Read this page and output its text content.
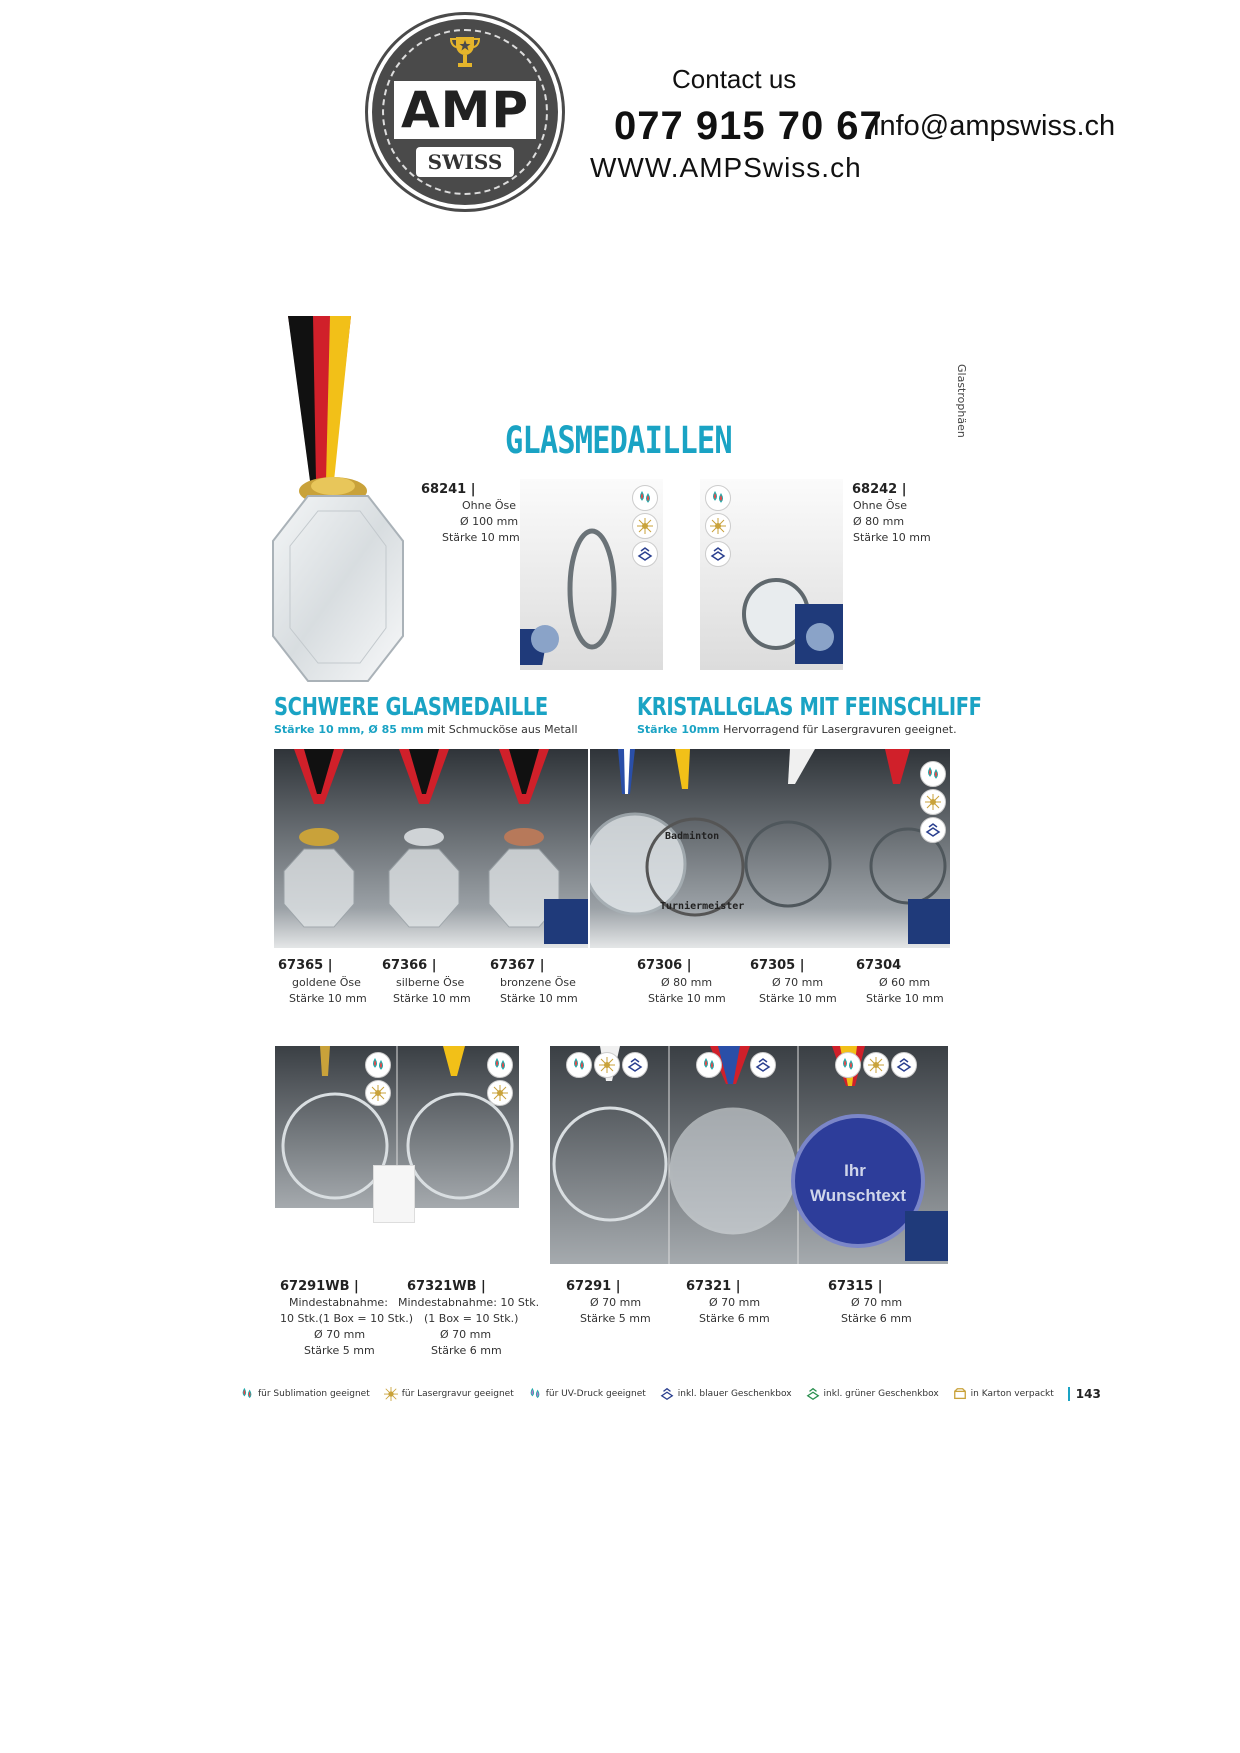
AMP
SWISS
Contact us
077 915 70 67
info@ampswiss.ch
WWW.AMPSwiss.ch
Glastrophäen
GLASMEDAILLEN
68241 |
Ohne Öse
Ø 100 mm
Stärke 10 mm
68242 |
Ohne Öse
Ø 80 mm
Stärke 10 mm
SCHWERE GLASMEDAILLE
Stärke 10 mm, Ø 85 mm mit Schmucköse aus Metall
67365 |
goldene Öse
Stärke 10 mm
67366 |
silberne Öse
Stärke 10 mm
67367 |
bronzene Öse
Stärke 10 mm
KRISTALLGLAS MIT FEINSCHLIFF
Stärke 10mm Hervorragend für Lasergravuren geeignet.
Badminton
Turniermeister
67306 |
Ø 80 mm
Stärke 10 mm
67305 |
Ø 70 mm
Stärke 10 mm
67304
Ø 60 mm
Stärke 10 mm
67291WB |
Mindestabnahme:
10 Stk.(1 Box = 10 Stk.)
Ø 70 mm
Stärke 5 mm
67321WB |
Mindestabnahme: 10 Stk.
(1 Box = 10 Stk.)
Ø 70 mm
Stärke 6 mm
Ihr
Wunschtext
67291 |
Ø 70 mm
Stärke 5 mm
67321 |
Ø 70 mm
Stärke 6 mm
67315 |
Ø 70 mm
Stärke 6 mm
für Sublimation geeignet	für Lasergravur geeignet	für UV-Druck geeignet	inkl. blauer Geschenkbox	inkl. grüner Geschenkbox	in Karton verpackt	143
